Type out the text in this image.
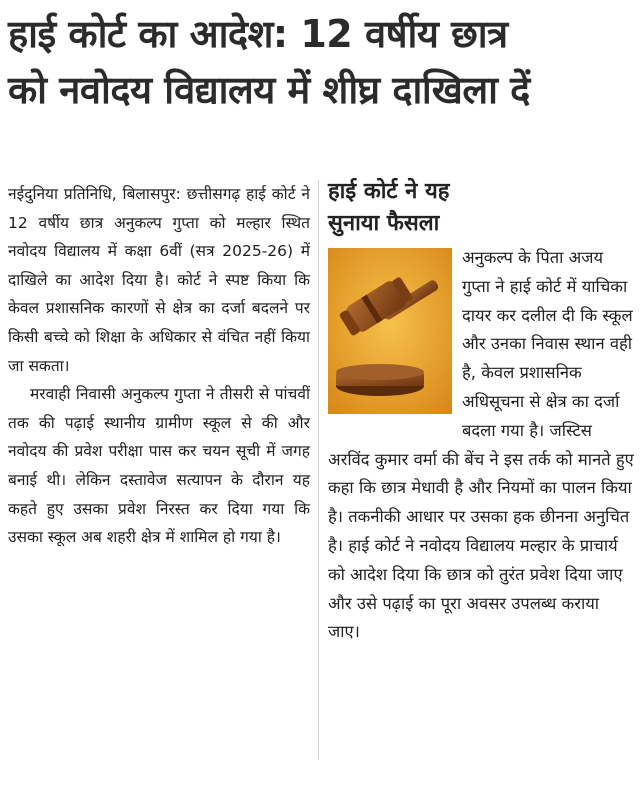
हाई कोर्ट का आदेश: 12 वर्षीय छात्र
को नवोदय विद्यालय में शीघ्र दाखिला दें

नईदुनिया प्रतिनिधि, बिलासपुर: छत्तीसगढ़ हाई कोर्ट ने 12 वर्षीय छात्र अनुकल्प गुप्ता को मल्हार स्थित नवोदय विद्यालय में कक्षा 6वीं (सत्र 2025-26) में दाखिले का आदेश दिया है। कोर्ट ने स्पष्ट किया कि केवल प्रशासनिक कारणों से क्षेत्र का दर्जा बदलने पर किसी बच्चे को शिक्षा के अधिकार से वंचित नहीं किया जा सकता।

मरवाही निवासी अनुकल्प गुप्ता ने तीसरी से पांचवीं तक की पढ़ाई स्थानीय ग्रामीण स्कूल से की और नवोदय की प्रवेश परीक्षा पास कर चयन सूची में जगह बनाई थी। लेकिन दस्तावेज सत्यापन के दौरान यह कहते हुए उसका प्रवेश निरस्त कर दिया गया कि उसका स्कूल अब शहरी क्षेत्र में शामिल हो गया है।

हाई कोर्ट ने यह
सुनाया फैसला

अनुकल्प के पिता अजय गुप्ता ने हाई कोर्ट में याचिका दायर कर दलील दी कि स्कूल और उनका निवास स्थान वही है, केवल प्रशासनिक अधिसूचना से क्षेत्र का दर्जा बदला गया है। जस्टिस अरविंद कुमार वर्मा की बेंच ने इस तर्क को मानते हुए कहा कि छात्र मेधावी है और नियमों का पालन किया है। तकनीकी आधार पर उसका हक छीनना अनुचित है। हाई कोर्ट ने नवोदय विद्यालय मल्हार के प्राचार्य को आदेश दिया कि छात्र को तुरंत प्रवेश दिया जाए और उसे पढ़ाई का पूरा अवसर उपलब्ध कराया जाए।
